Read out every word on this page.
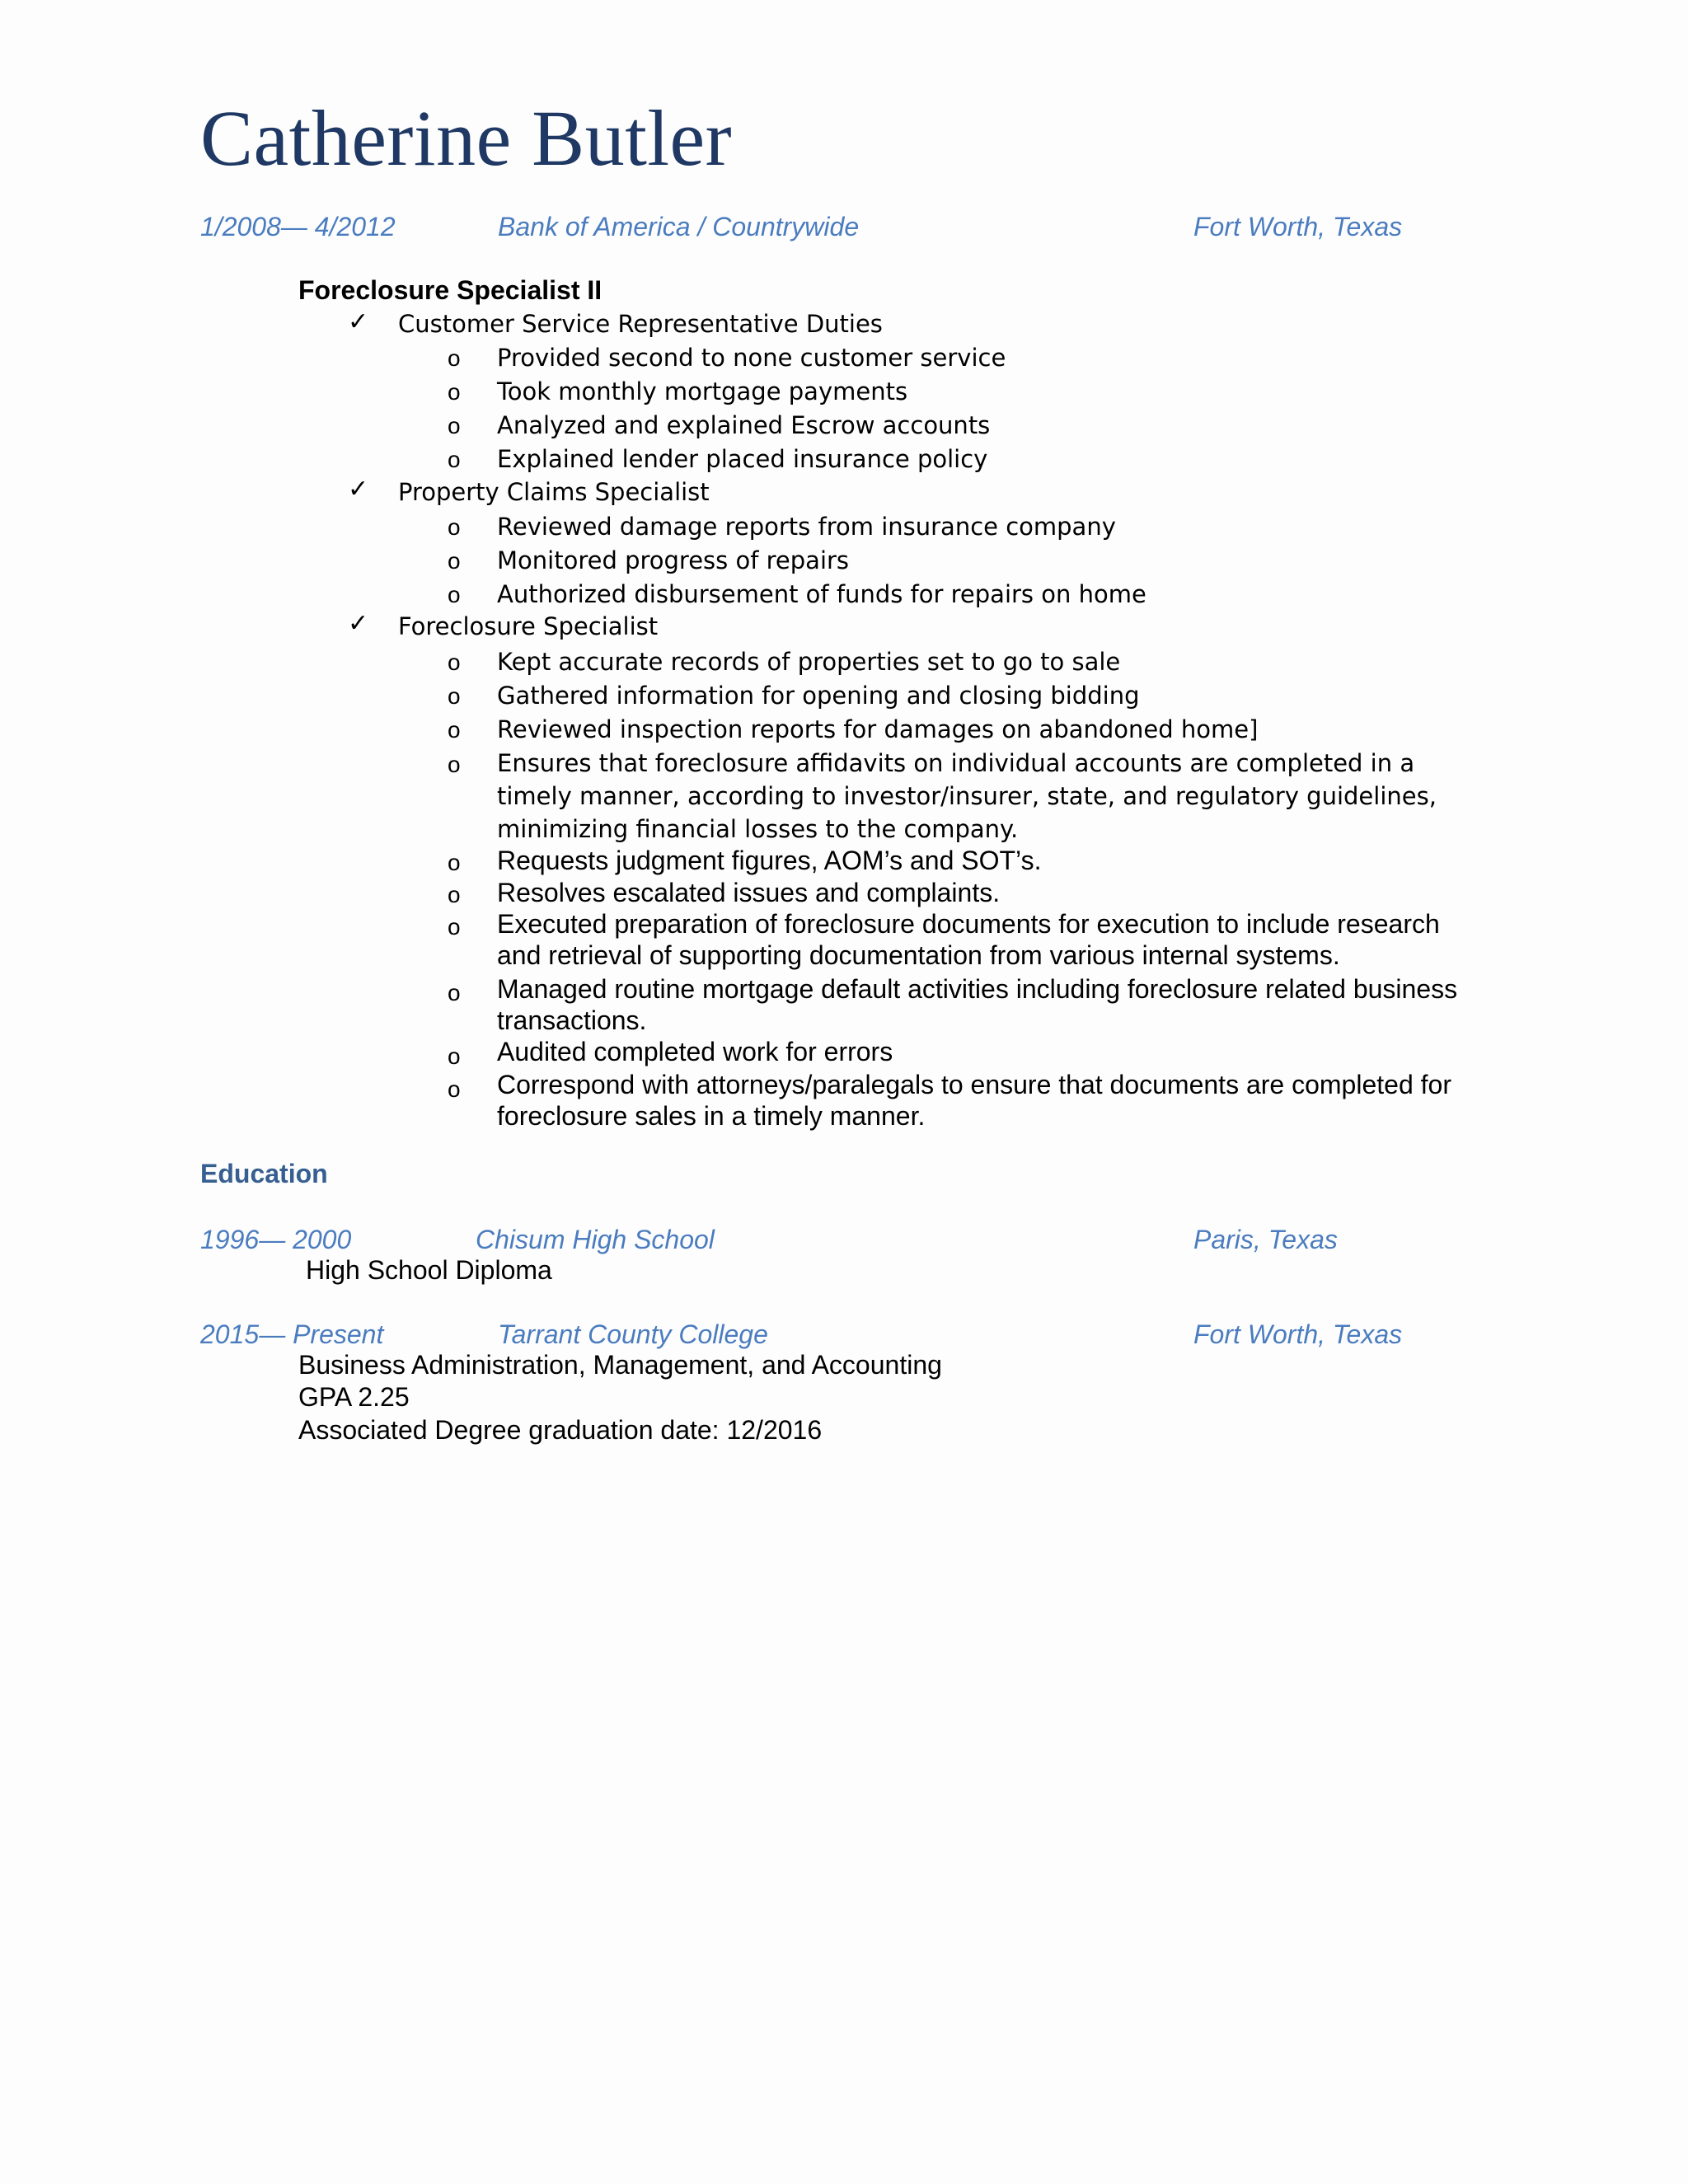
Catherine Butler
1/2008— 4/2012	Bank of America / Countrywide	Fort Worth, Texas
Foreclosure Specialist II
✓ Customer Service Representative Duties
o Provided second to none customer service
o Took monthly mortgage payments
o Analyzed and explained Escrow accounts
o Explained lender placed insurance policy
✓ Property Claims Specialist
o Reviewed damage reports from insurance company
o Monitored progress of repairs
o Authorized disbursement of funds for repairs on home
✓ Foreclosure Specialist
o Kept accurate records of properties set to go to sale
o Gathered information for opening and closing bidding
o Reviewed inspection reports for damages on abandoned home]
o Ensures that foreclosure affidavits on individual accounts are completed in a timely manner, according to investor/insurer, state, and regulatory guidelines, minimizing financial losses to the company.
o Requests judgment figures, AOM’s and SOT’s.
o Resolves escalated issues and complaints.
o Executed preparation of foreclosure documents for execution to include research and retrieval of supporting documentation from various internal systems.
o Managed routine mortgage default activities including foreclosure related business transactions.
o Audited completed work for errors
o Correspond with attorneys/paralegals to ensure that documents are completed for foreclosure sales in a timely manner.
Education
1996— 2000	Chisum High School	Paris, Texas
High School Diploma
2015— Present	Tarrant County College	Fort Worth, Texas
Business Administration, Management, and Accounting
GPA 2.25
Associated Degree graduation date: 12/2016
